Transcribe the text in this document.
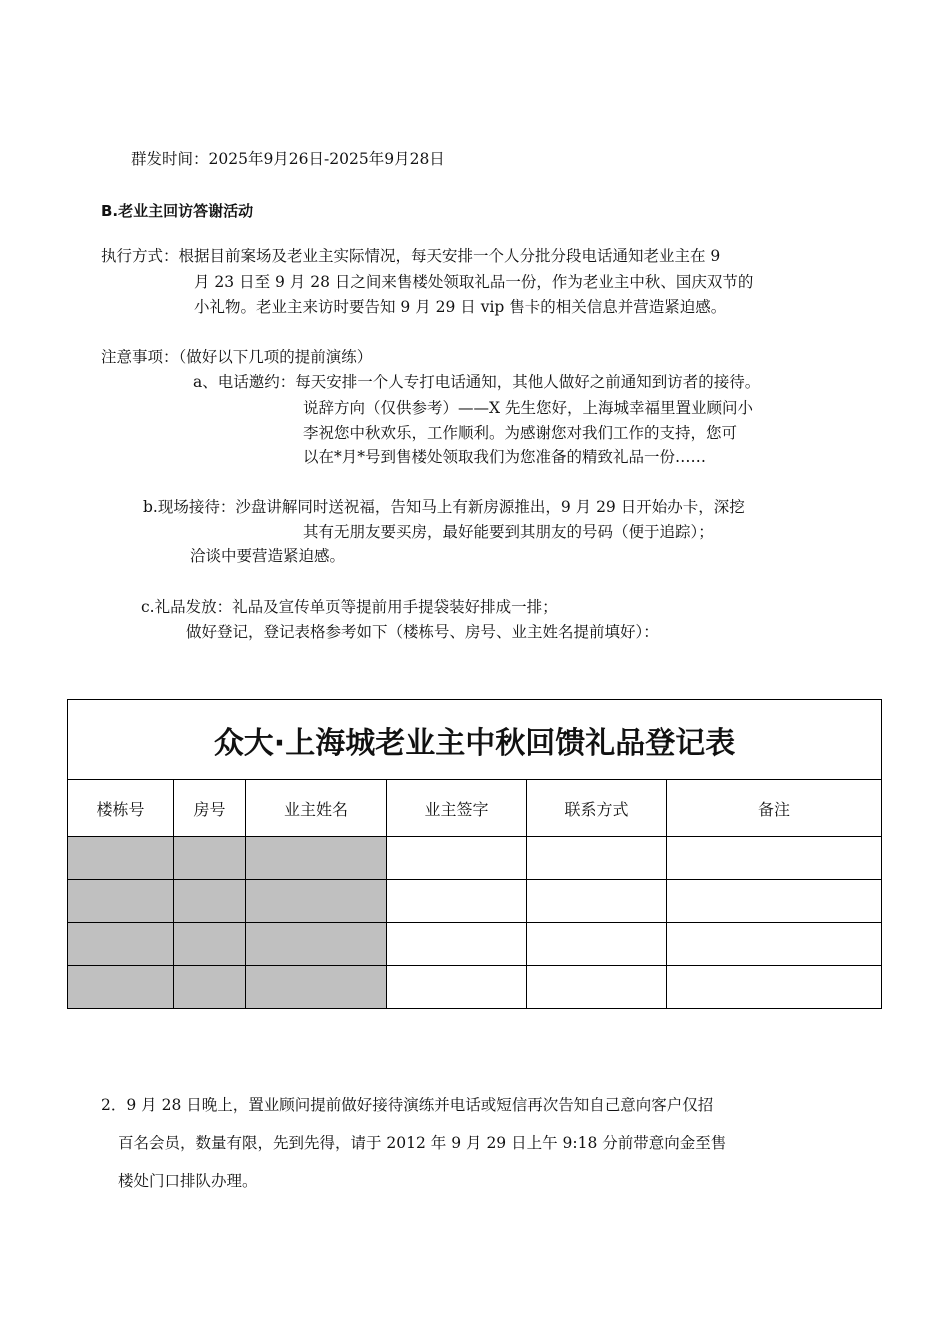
群发时间：2025年9月26日-2025年9月28日
B.老业主回访答谢活动
执行方式：根据目前案场及老业主实际情况，每天安排一个人分批分段电话通知老业主在 9
月 23 日至 9 月 28 日之间来售楼处领取礼品一份，作为老业主中秋、国庆双节的
小礼物。老业主来访时要告知 9 月 29 日 vip 售卡的相关信息并营造紧迫感。
注意事项：（做好以下几项的提前演练）
a、电话邀约：每天安排一个人专打电话通知，其他人做好之前通知到访者的接待。
说辞方向（仅供参考）——X 先生您好，上海城幸福里置业顾问小
李祝您中秋欢乐，工作顺利。为感谢您对我们工作的支持，您可
以在*月*号到售楼处领取我们为您准备的精致礼品一份……
b.现场接待：沙盘讲解同时送祝福，告知马上有新房源推出，9 月 29 日开始办卡，深挖
其有无朋友要买房，最好能要到其朋友的号码（便于追踪）；
洽谈中要营造紧迫感。
c.礼品发放：礼品及宣传单页等提前用手提袋装好排成一排；
做好登记，登记表格参考如下（楼栋号、房号、业主姓名提前填好）：
众大·上海城老业主中秋回馈礼品登记表					
楼栋号	房号	业主姓名	业主签字	联系方式	备注

2．9 月 28 日晚上，置业顾问提前做好接待演练并电话或短信再次告知自己意向客户仅招
百名会员，数量有限，先到先得，请于 2012 年 9 月 29 日上午 9:18 分前带意向金至售
楼处门口排队办理。
